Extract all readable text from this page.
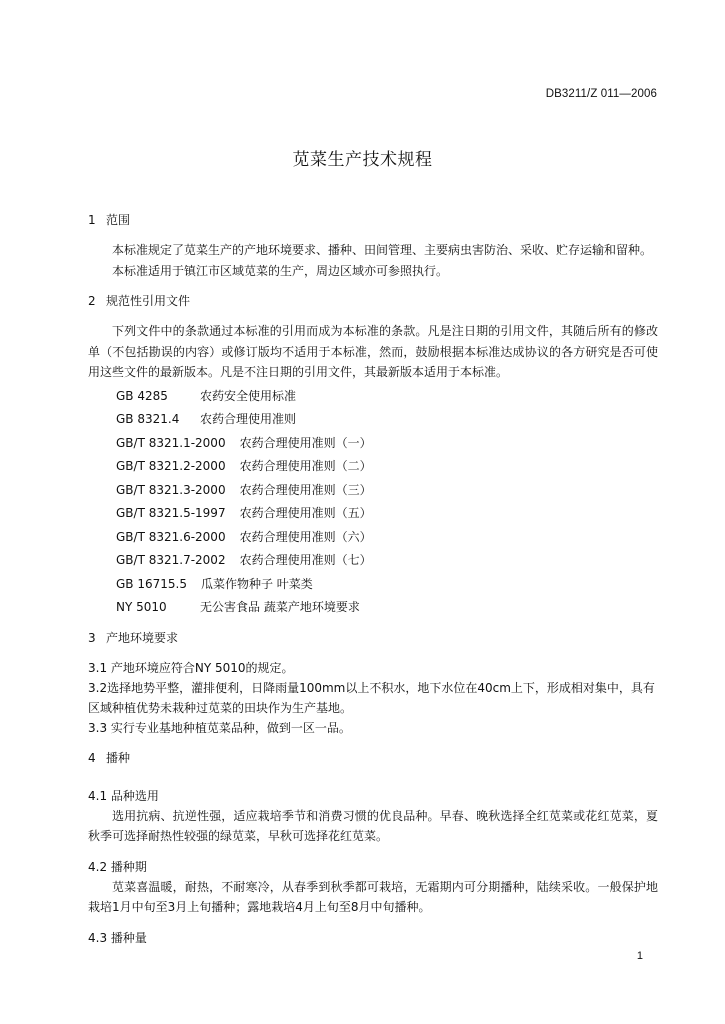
DB3211/Z 011—2006
苋菜生产技术规程

1 范围

本标准规定了苋菜生产的产地环境要求、播种、田间管理、主要病虫害防治、采收、贮存运输和留种。

本标准适用于镇江市区域苋菜的生产，周边区域亦可参照执行。

2 规范性引用文件

下列文件中的条款通过本标准的引用而成为本标准的条款。凡是注日期的引用文件，其随后所有的修改单（不包括勘误的内容）或修订版均不适用于本标准，然而，鼓励根据本标准达成协议的各方研究是否可使用这些文件的最新版本。凡是不注日期的引用文件，其最新版本适用于本标准。

GB 4285	农药安全使用标准

GB 8321.4 农药合理使用准则

GB/T 8321.1-2000 农药合理使用准则（一）

GB/T 8321.2-2000 农药合理使用准则（二）

GB/T 8321.3-2000 农药合理使用准则（三）

GB/T 8321.5-1997 农药合理使用准则（五）

GB/T 8321.6-2000 农药合理使用准则（六）

GB/T 8321.7-2002 农药合理使用准则（七）

GB 16715.5 瓜菜作物种子 叶菜类

NY 5010	无公害食品 蔬菜产地环境要求

3 产地环境要求

3.1 产地环境应符合NY 5010的规定。

3.2选择地势平整，灌排便利，日降雨量100mm以上不积水，地下水位在40cm上下，形成相对集中，具有区域种植优势未栽种过苋菜的田块作为生产基地。

3.3 实行专业基地种植苋菜品种，做到一区一品。

4 播种

4.1 品种选用

选用抗病、抗逆性强，适应栽培季节和消费习惯的优良品种。早春、晚秋选择全红苋菜或花红苋菜，夏秋季可选择耐热性较强的绿苋菜，早秋可选择花红苋菜。

4.2 播种期

苋菜喜温暖，耐热，不耐寒冷，从春季到秋季都可栽培，无霜期内可分期播种，陆续采收。一般保护地栽培1月中旬至3月上旬播种；露地栽培4月上旬至8月中旬播种。

4.3 播种量

1
